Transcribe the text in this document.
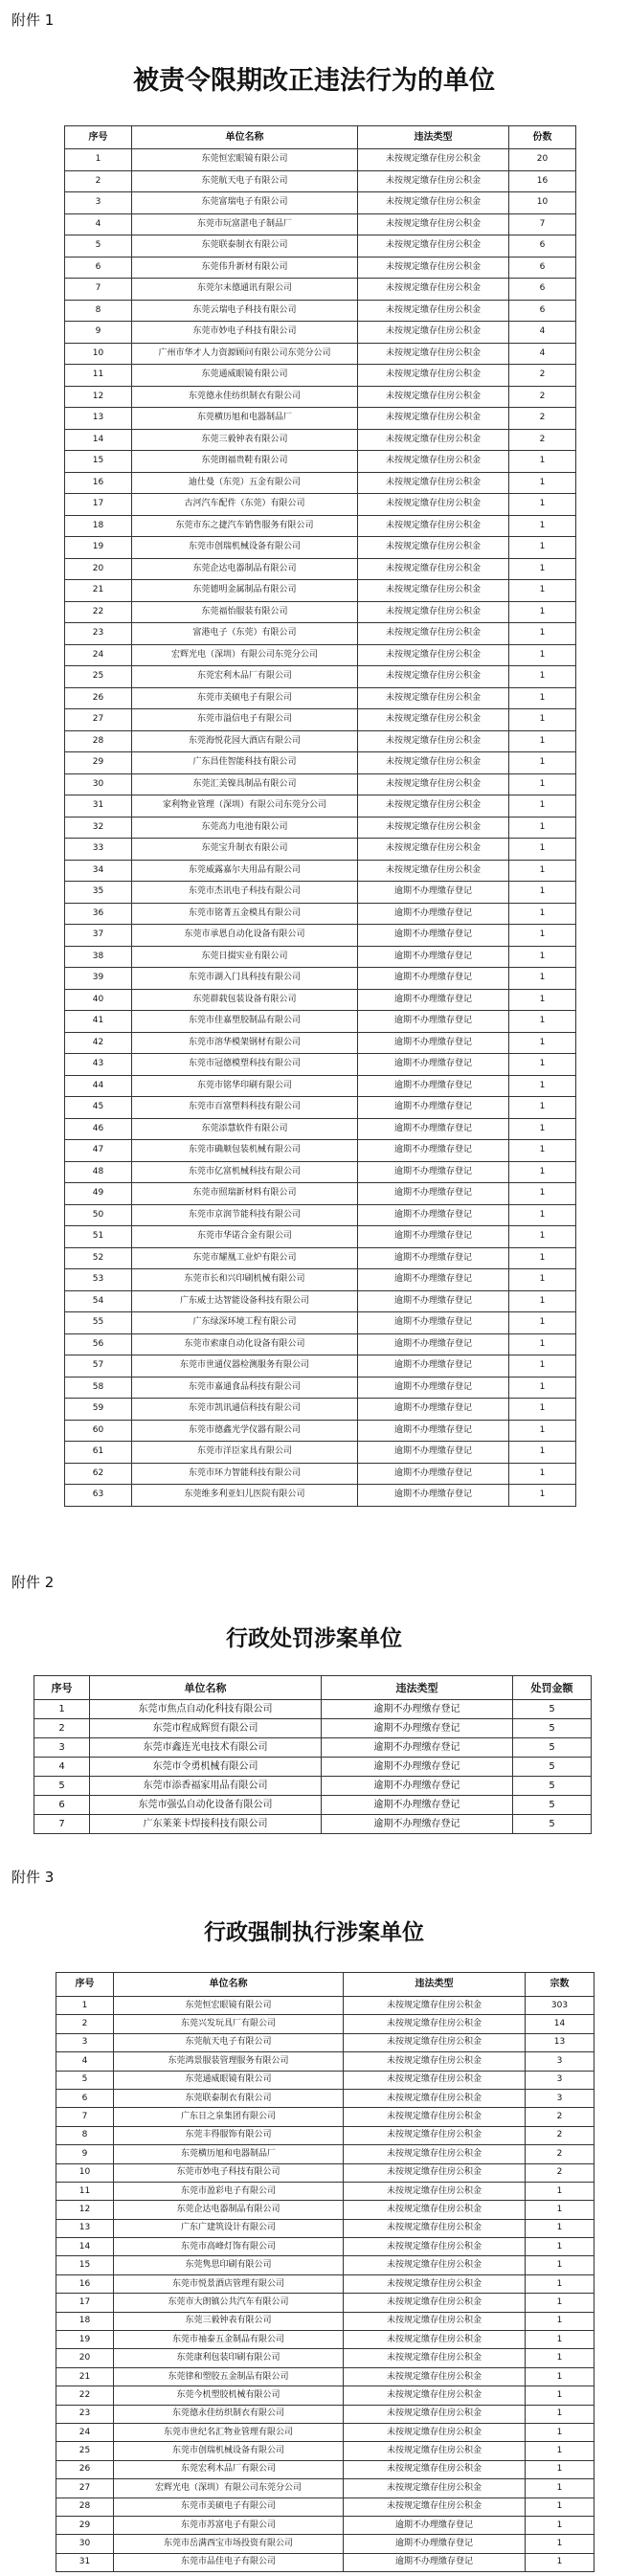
附件 1
被责令限期改正违法行为的单位
序号	单位名称	违法类型	份数
1	东莞恒宏眼镜有限公司	未按规定缴存住房公积金	20
2	东莞航天电子有限公司	未按规定缴存住房公积金	16
3	东莞富瑞电子有限公司	未按规定缴存住房公积金	10
4	东莞市玩富湛电子制品厂	未按规定缴存住房公积金	7
5	东莞联泰制衣有限公司	未按规定缴存住房公积金	6
6	东莞伟升新材有限公司	未按规定缴存住房公积金	6
7	东莞尔未德通讯有限公司	未按规定缴存住房公积金	6
8	东莞云瑞电子科技有限公司	未按规定缴存住房公积金	6
9	东莞市妙电子科技有限公司	未按规定缴存住房公积金	4
10	广州市华才人力资源顾问有限公司东莞分公司	未按规定缴存住房公积金	4
11	东莞通威眼镜有限公司	未按规定缴存住房公积金	2
12	东莞德永佳纺织制衣有限公司	未按规定缴存住房公积金	2
13	东莞横历旭和电器制品厂	未按规定缴存住房公积金	2
14	东莞三毅钟表有限公司	未按规定缴存住房公积金	2
15	东莞朗福贵鞋有限公司	未按规定缴存住房公积金	1
16	迪仕曼（东莞）五金有限公司	未按规定缴存住房公积金	1
17	古河汽车配件（东莞）有限公司	未按规定缴存住房公积金	1
18	东莞市东之捷汽车销售服务有限公司	未按规定缴存住房公积金	1
19	东莞市创瑞机械设备有限公司	未按规定缴存住房公积金	1
20	东莞企达电器制品有限公司	未按规定缴存住房公积金	1
21	东莞德明金属制品有限公司	未按规定缴存住房公积金	1
22	东莞福怡服装有限公司	未按规定缴存住房公积金	1
23	富港电子（东莞）有限公司	未按规定缴存住房公积金	1
24	宏辉光电（深圳）有限公司东莞分公司	未按规定缴存住房公积金	1
25	东莞宏利木品厂有限公司	未按规定缴存住房公积金	1
26	东莞市美硕电子有限公司	未按规定缴存住房公积金	1
27	东莞市溢信电子有限公司	未按规定缴存住房公积金	1
28	东莞海悦花园大酒店有限公司	未按规定缴存住房公积金	1
29	广东昌佳智能科技有限公司	未按规定缴存住房公积金	1
30	东莞汇美镍具制品有限公司	未按规定缴存住房公积金	1
31	家利物业管理（深圳）有限公司东莞分公司	未按规定缴存住房公积金	1
32	东莞高力电池有限公司	未按规定缴存住房公积金	1
33	东莞宝升制衣有限公司	未按规定缴存住房公积金	1
34	东莞威露嘉尔夫用品有限公司	未按规定缴存住房公积金	1
35	东莞市杰讯电子科技有限公司	逾期不办理缴存登记	1
36	东莞市铭菁五金模具有限公司	逾期不办理缴存登记	1
37	东莞市承恩自动化设备有限公司	逾期不办理缴存登记	1
38	东莞日掇实业有限公司	逾期不办理缴存登记	1
39	东莞市湖入门具科技有限公司	逾期不办理缴存登记	1
40	东莞群载包装设备有限公司	逾期不办理缴存登记	1
41	东莞市佳嘉塑胶制品有限公司	逾期不办理缴存登记	1
42	东莞市溶华模架钢材有限公司	逾期不办理缴存登记	1
43	东莞市冠德模塑科技有限公司	逾期不办理缴存登记	1
44	东莞市铭华印刷有限公司	逾期不办理缴存登记	1
45	东莞市百富塑料科技有限公司	逾期不办理缴存登记	1
46	东莞添慧软件有限公司	逾期不办理缴存登记	1
47	东莞市确顺包装机械有限公司	逾期不办理缴存登记	1
48	东莞市亿富机械科技有限公司	逾期不办理缴存登记	1
49	东莞市照瑞新材料有限公司	逾期不办理缴存登记	1
50	东莞市京润节能科技有限公司	逾期不办理缴存登记	1
51	东莞市华诺合金有限公司	逾期不办理缴存登记	1
52	东莞市耀凰工业炉有限公司	逾期不办理缴存登记	1
53	东莞市长和兴印刷机械有限公司	逾期不办理缴存登记	1
54	广东威士达智能设备科技有限公司	逾期不办理缴存登记	1
55	广东绿深环境工程有限公司	逾期不办理缴存登记	1
56	东莞市索康自动化设备有限公司	逾期不办理缴存登记	1
57	东莞市世通仪器检测服务有限公司	逾期不办理缴存登记	1
58	东莞市嘉通食品科技有限公司	逾期不办理缴存登记	1
59	东莞市凯讯通信科技有限公司	逾期不办理缴存登记	1
60	东莞市德鑫光学仪器有限公司	逾期不办理缴存登记	1
61	东莞市洋臣家具有限公司	逾期不办理缴存登记	1
62	东莞市环力智能科技有限公司	逾期不办理缴存登记	1
63	东莞维多利亚妇儿医院有限公司	逾期不办理缴存登记	1
附件 2
行政处罚涉案单位
序号	单位名称	违法类型	处罚金额
1	东莞市焦点自动化科技有限公司	逾期不办理缴存登记	5
2	东莞市程成辉贸有限公司	逾期不办理缴存登记	5
3	东莞市鑫连光电技术有限公司	逾期不办理缴存登记	5
4	东莞市令勇机械有限公司	逾期不办理缴存登记	5
5	东莞市添香福家用品有限公司	逾期不办理缴存登记	5
6	东莞市强弘自动化设备有限公司	逾期不办理缴存登记	5
7	广东莱莱卡焊接科技有限公司	逾期不办理缴存登记	5
附件 3
行政强制执行涉案单位
序号	单位名称	违法类型	宗数
1	东莞恒宏眼镜有限公司	未按规定缴存住房公积金	303
2	东莞兴发玩具厂有限公司	未按规定缴存住房公积金	14
3	东莞航天电子有限公司	未按规定缴存住房公积金	13
4	东莞鸿景服装管理服务有限公司	未按规定缴存住房公积金	3
5	东莞通威眼镜有限公司	未按规定缴存住房公积金	3
6	东莞联泰制衣有限公司	未按规定缴存住房公积金	3
7	广东日之泉集团有限公司	未按规定缴存住房公积金	2
8	东莞丰得服饰有限公司	未按规定缴存住房公积金	2
9	东莞横历旭和电器制品厂	未按规定缴存住房公积金	2
10	东莞市妙电子科技有限公司	未按规定缴存住房公积金	2
11	东莞市盈彩电子有限公司	未按规定缴存住房公积金	1
12	东莞企达电器制品有限公司	未按规定缴存住房公积金	1
13	广东广建筑设计有限公司	未按规定缴存住房公积金	1
14	东莞市高峰灯饰有限公司	未按规定缴存住房公积金	1
15	东莞隽思印刷有限公司	未按规定缴存住房公积金	1
16	东莞市悦景酒店管理有限公司	未按规定缴存住房公积金	1
17	东莞市大朗镇公共汽车有限公司	未按规定缴存住房公积金	1
18	东莞三毅钟表有限公司	未按规定缴存住房公积金	1
19	东莞市袖泰五金制品有限公司	未按规定缴存住房公积金	1
20	东莞康利包装印刷有限公司	未按规定缴存住房公积金	1
21	东莞律和塑胶五金制品有限公司	未按规定缴存住房公积金	1
22	东莞今机塑胶机械有限公司	未按规定缴存住房公积金	1
23	东莞德永佳纺织制衣有限公司	未按规定缴存住房公积金	1
24	东莞市世纪名汇物业管理有限公司	未按规定缴存住房公积金	1
25	东莞市创瑞机械设备有限公司	未按规定缴存住房公积金	1
26	东莞宏利木品厂有限公司	未按规定缴存住房公积金	1
27	宏辉光电（深圳）有限公司东莞分公司	未按规定缴存住房公积金	1
28	东莞市美硕电子有限公司	未按规定缴存住房公积金	1
29	东莞市苏富电子有限公司	逾期不办理缴存登记	1
30	东莞市岳满西宝市场投资有限公司	逾期不办理缴存登记	1
31	东莞市品佳电子有限公司	逾期不办理缴存登记	1
